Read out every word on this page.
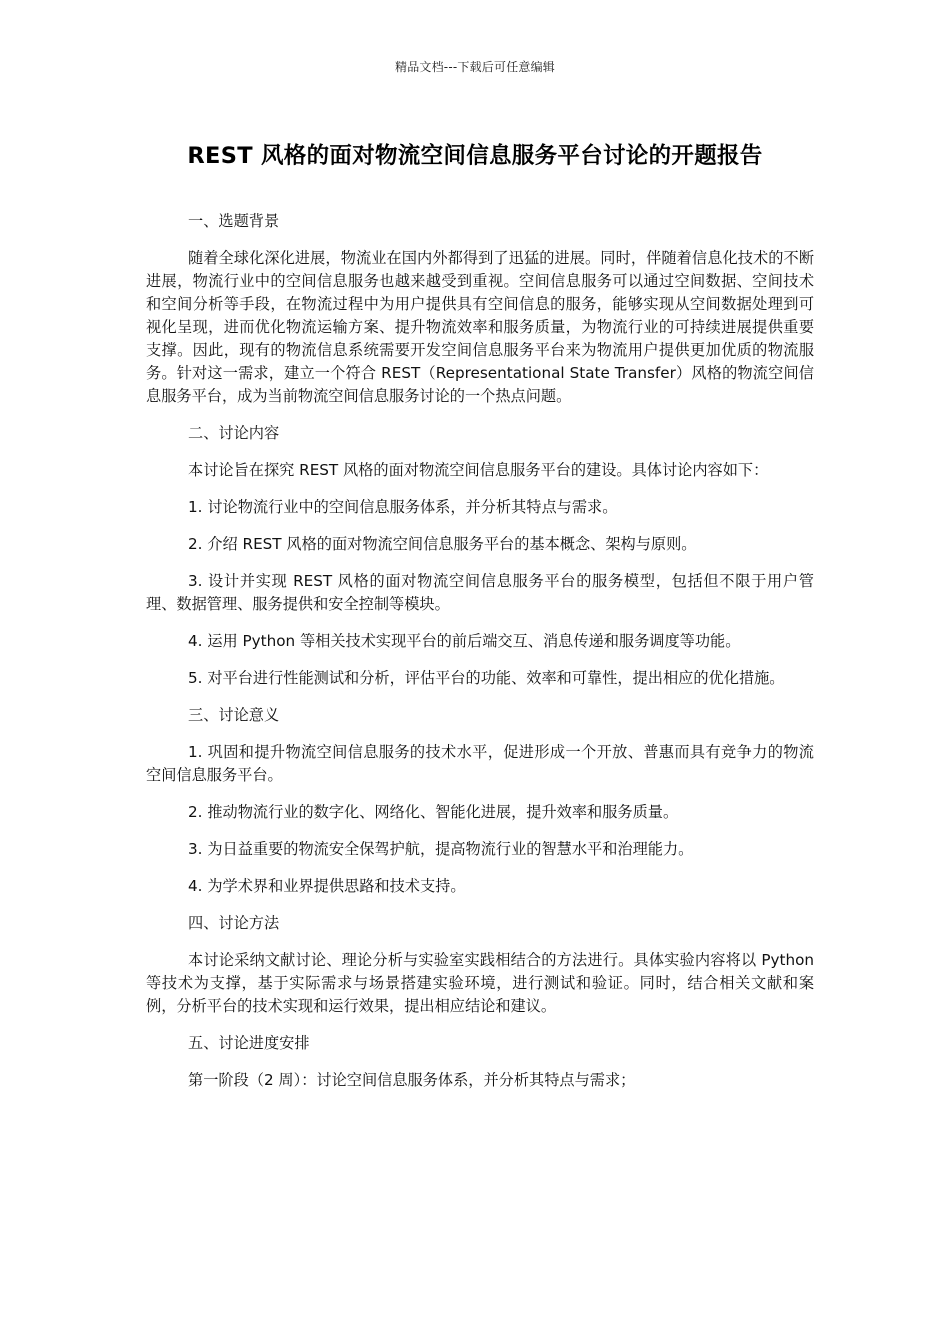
精品文档---下载后可任意编辑
REST 风格的面对物流空间信息服务平台讨论的开题报告

一、选题背景

随着全球化深化进展，物流业在国内外都得到了迅猛的进展。同时，伴随着信息化技术的不断进展，物流行业中的空间信息服务也越来越受到重视。空间信息服务可以通过空间数据、空间技术和空间分析等手段，在物流过程中为用户提供具有空间信息的服务，能够实现从空间数据处理到可视化呈现，进而优化物流运输方案、提升物流效率和服务质量，为物流行业的可持续进展提供重要支撑。因此，现有的物流信息系统需要开发空间信息服务平台来为物流用户提供更加优质的物流服务。针对这一需求，建立一个符合 REST（Representational State Transfer）风格的物流空间信息服务平台，成为当前物流空间信息服务讨论的一个热点问题。

二、讨论内容

本讨论旨在探究 REST 风格的面对物流空间信息服务平台的建设。具体讨论内容如下：

1. 讨论物流行业中的空间信息服务体系，并分析其特点与需求。

2. 介绍 REST 风格的面对物流空间信息服务平台的基本概念、架构与原则。

3. 设计并实现 REST 风格的面对物流空间信息服务平台的服务模型，包括但不限于用户管理、数据管理、服务提供和安全控制等模块。

4. 运用 Python 等相关技术实现平台的前后端交互、消息传递和服务调度等功能。

5. 对平台进行性能测试和分析，评估平台的功能、效率和可靠性，提出相应的优化措施。

三、讨论意义

1. 巩固和提升物流空间信息服务的技术水平，促进形成一个开放、普惠而具有竞争力的物流空间信息服务平台。

2. 推动物流行业的数字化、网络化、智能化进展，提升效率和服务质量。

3. 为日益重要的物流安全保驾护航，提高物流行业的智慧水平和治理能力。

4. 为学术界和业界提供思路和技术支持。

四、讨论方法

本讨论采纳文献讨论、理论分析与实验室实践相结合的方法进行。具体实验内容将以 Python 等技术为支撑，基于实际需求与场景搭建实验环境，进行测试和验证。同时，结合相关文献和案例，分析平台的技术实现和运行效果，提出相应结论和建议。

五、讨论进度安排

第一阶段（2 周）：讨论空间信息服务体系，并分析其特点与需求；
